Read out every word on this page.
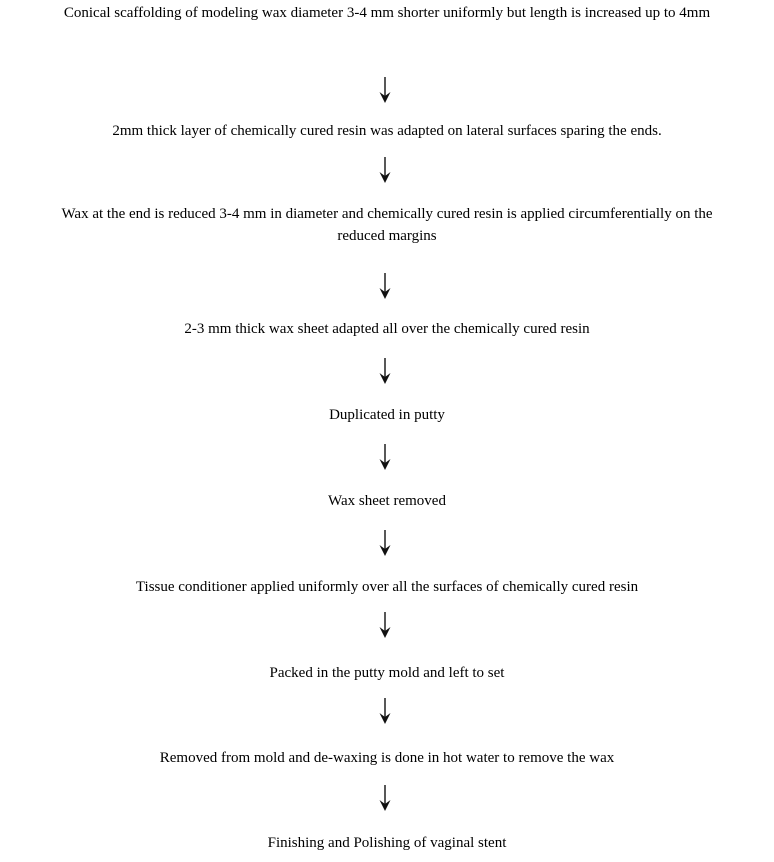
Conical scaffolding of modeling wax diameter 3-4 mm shorter uniformly but length is increased up to 4mm
2mm thick layer of chemically cured resin was adapted on lateral surfaces sparing the ends.
Wax at the end is reduced 3-4 mm in diameter and chemically cured resin is applied circumferentially on the reduced margins
2-3 mm thick wax sheet adapted all over the chemically cured resin
Duplicated in putty
Wax sheet removed
Tissue conditioner applied uniformly over all the surfaces of chemically cured resin
Packed in the putty mold and left to set
Removed from mold and de-waxing is done in hot water to remove the wax
Finishing and Polishing of vaginal stent
